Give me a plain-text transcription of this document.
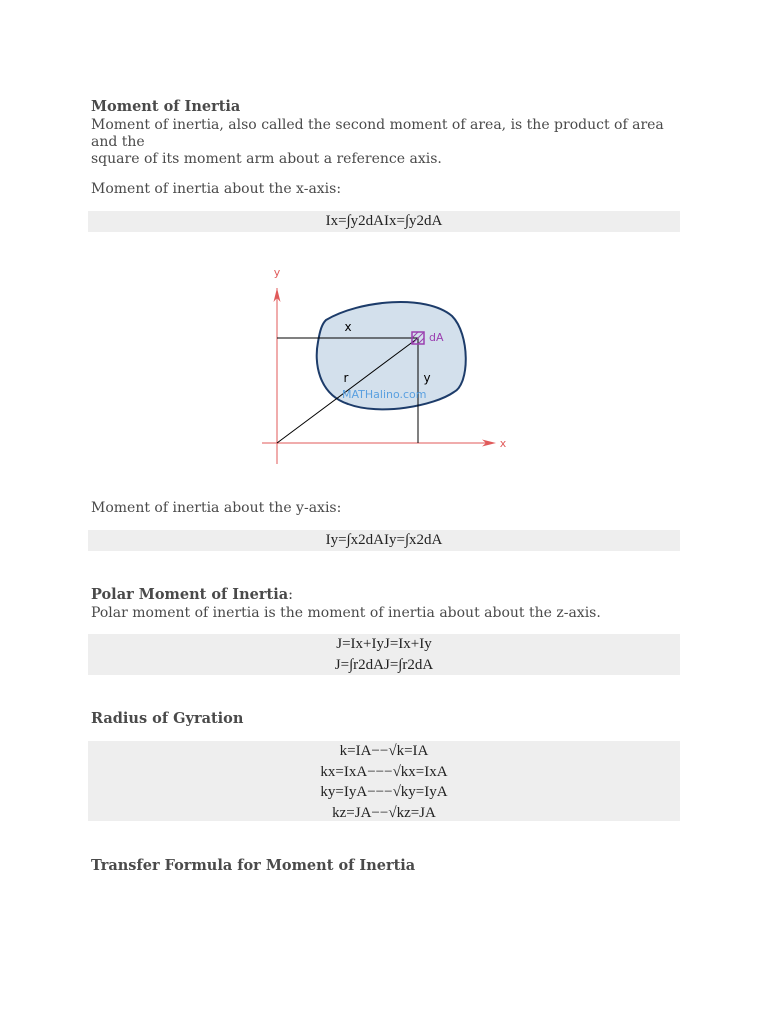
Moment of Inertia

Moment of inertia, also called the second moment of area, is the product of area and the
square of its moment arm about a reference axis.

Moment of inertia about the x-axis:

Ix=∫y2dAIx=∫y2dA
y
x
dA
x
y
r
MATHalino.com

Moment of inertia about the y-axis:

Iy=∫x2dAIy=∫x2dA
Polar Moment of Inertia:

Polar moment of inertia is the moment of inertia about about the z-axis.

J=Ix+IyJ=Ix+Iy
J=∫r2dAJ=∫r2dA
Radius of Gyration
k=IA−−√k=IA
kx=IxA−−−√kx=IxA
ky=IyA−−−√ky=IyA
kz=JA−−√kz=JA
Transfer Formula for Moment of Inertia
